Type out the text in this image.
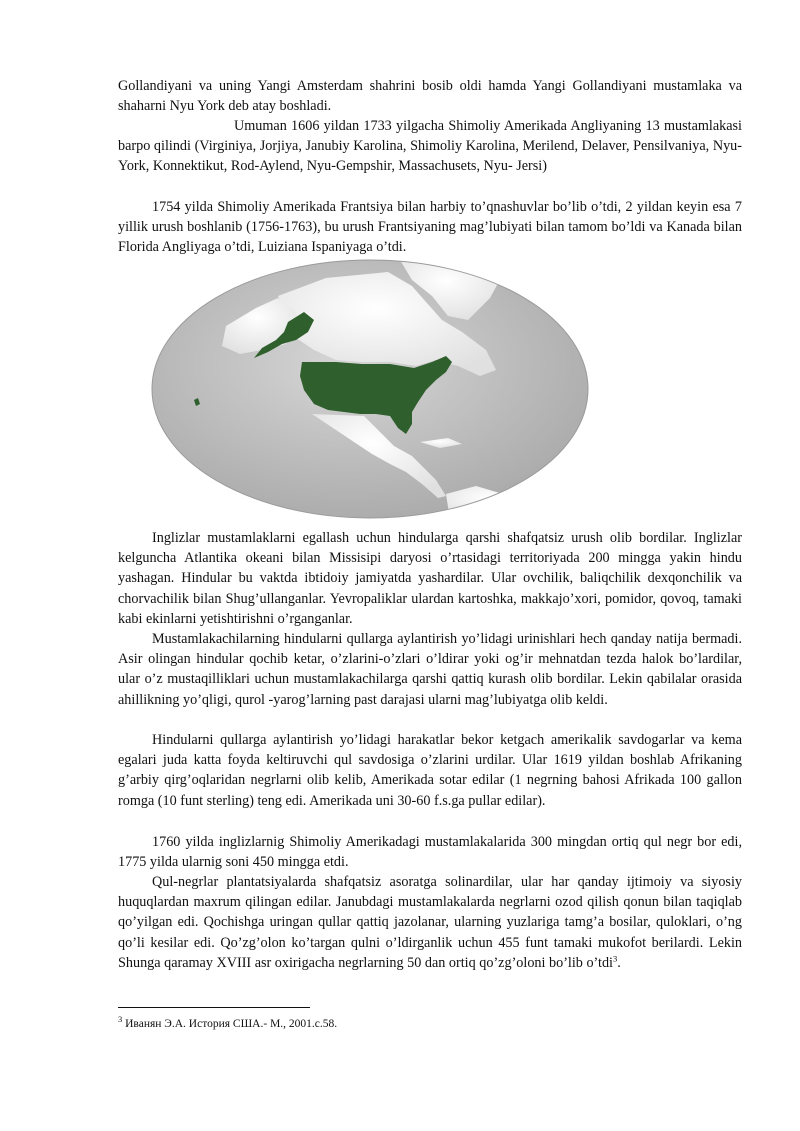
Gollandiyani va uning Yangi Amsterdam shahrini bosib oldi hamda Yangi Gollandiyani mustamlaka va shaharni Nyu York deb atay boshladi.

Umuman 1606 yildan 1733 yilgacha Shimoliy Amerikada Angliyaning 13 mustamlakasi barpo qilindi (Virginiya, Jorjiya, Janubiy Karolina, Shimoliy Karolina, Merilend, Delaver, Pensilvaniya, Nyu-York, Konnektikut, Rod-Aylend, Nyu-Gempshir, Massachusets, Nyu- Jersi)

1754 yilda Shimoliy Amerikada Frantsiya bilan harbiy to’qnashuvlar bo’lib o’tdi, 2 yildan keyin esa 7 yillik urush boshlanib (1756-1763), bu urush Frantsiyaning mag’lubiyati bilan tamom bo’ldi va Kanada bilan Florida Angliyaga o’tdi, Luiziana Ispaniyaga o’tdi.

Inglizlar mustamlaklarni egallash uchun hindularga qarshi shafqatsiz urush olib bordilar. Inglizlar kelguncha Atlantika okeani bilan Missisipi daryosi o’rtasidagi territoriyada 200 mingga yakin hindu yashagan. Hindular bu vaktda ibtidoiy jamiyatda yashardilar. Ular ovchilik, baliqchilik dexqonchilik va chorvachilik bilan Shug’ullanganlar. Yevropaliklar ulardan kartoshka, makkajo’xori, pomidor, qovoq, tamaki kabi ekinlarni yetishtirishni o’rganganlar.

Mustamlakachilarning hindularni qullarga aylantirish yo’lidagi urinishlari hech qanday natija bermadi. Asir olingan hindular qochib ketar, o’zlarini-o’zlari o’ldirar yoki og’ir mehnatdan tezda halok bo’lardilar, ular o’z mustaqilliklari uchun mustamlakachilarga qarshi qattiq kurash olib bordilar. Lekin qabilalar orasida ahillikning yo’qligi, qurol -yarog’larning past darajasi ularni mag’lubiyatga olib keldi.

Hindularni qullarga aylantirish yo’lidagi harakatlar bekor ketgach amerikalik savdogarlar va kema egalari juda katta foyda keltiruvchi qul savdosiga o’zlarini urdilar. Ular 1619 yildan boshlab Afrikaning g’arbiy qirg’oqlaridan negrlarni olib kelib, Amerikada sotar edilar (1 negrning bahosi Afrikada 100 gallon romga (10 funt sterling) teng edi. Amerikada uni 30-60 f.s.ga pullar edilar).

1760 yilda inglizlarnig Shimoliy Amerikadagi mustamlakalarida 300 mingdan ortiq qul negr bor edi, 1775 yilda ularnig soni 450 mingga etdi.

Qul-negrlar plantatsiyalarda shafqatsiz asoratga solinardilar, ular har qanday ijtimoiy va siyosiy huquqlardan maxrum qilingan edilar. Janubdagi mustamlakalarda negrlarni ozod qilish qonun bilan taqiqlab qo’yilgan edi. Qochishga uringan qullar qattiq jazolanar, ularning yuzlariga tamg’a bosilar, quloklari, o’ng qo’li kesilar edi. Qo’zg’olon ko’targan qulni o’ldirganlik uchun 455 funt tamaki mukofot berilardi. Lekin Shunga qaramay XVIII asr oxirigacha negrlarning 50 dan ortiq qo’zg’oloni bo’lib o’tdi$^3$.

$^3$ Иванян Э.А. История США.- М., 2001.с.58.
